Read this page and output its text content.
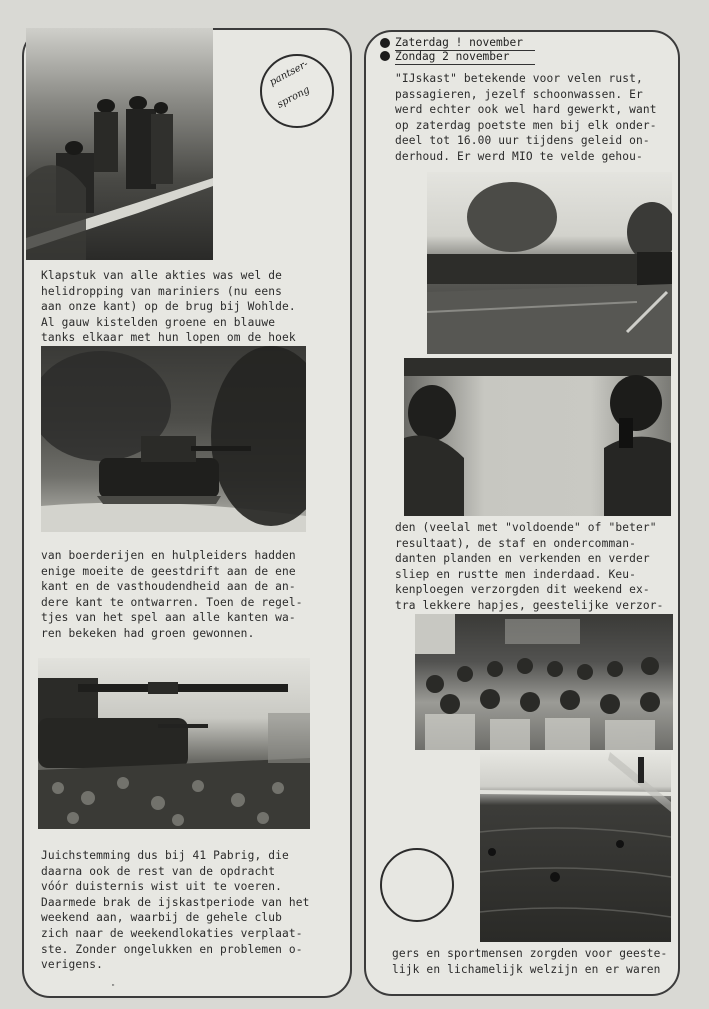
pantser-
sprong
Klapstuk van alle akties was wel de
helidropping van mariniers (nu eens
aan onze kant) op de brug bij Wohlde.
Al gauw kistelden groene en blauwe
tanks elkaar met hun lopen om de hoek
van boerderijen en hulpleiders hadden
enige moeite de geestdrift aan de ene
kant en de vasthoudendheid aan de an-
dere kant te ontwarren. Toen de regel-
tjes van het spel aan alle kanten wa-
ren bekeken had groen gewonnen.
Juichstemming dus bij 41 Pabrig, die
daarna ook de rest van de opdracht
vóór duisternis wist uit te voeren.
Daarmede brak de ijskastperiode van het
weekend aan, waarbij de gehele club
zich naar de weekendlokaties verplaat-
ste. Zonder ongelukken en problemen o-
verigens.
"
Zaterdag ! november
Zondag 2 november
"IJskast" betekende voor velen rust,
passagieren, jezelf schoonwassen. Er
werd echter ook wel hard gewerkt, want
op zaterdag poetste men bij elk onder-
deel tot 16.00 uur tijdens geleid on-
derhoud. Er werd MIO te velde gehou-
den (veelal met "voldoende" of "beter"
resultaat), de staf en ondercomman-
danten planden en verkenden en verder
sliep en rustte men inderdaad. Keu-
kenploegen verzorgden dit weekend ex-
tra lekkere hapjes, geestelijke verzor-
gers en sportmensen zorgden voor geeste-
lijk en lichamelijk welzijn en er waren
